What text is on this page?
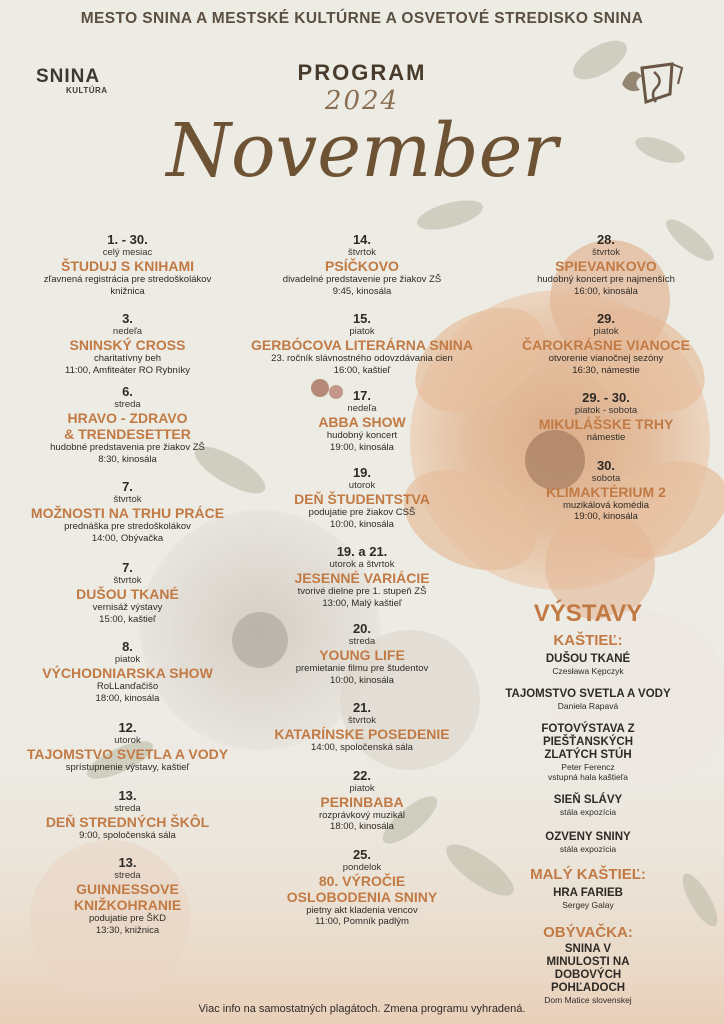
MESTO SNINA A MESTSKÉ KULTÚRNE A OSVETOVÉ STREDISKO SNINA
SNINA
KULTÚRA
PROGRAM
2024
November
1. - 30.
celý mesiac
ŠTUDUJ S KNIHAMI
zľavnená registrácia pre stredoškolákov
knižnica
3.
nedeľa
SNINSKÝ CROSS
charitatívny beh
11:00, Amfiteáter RO Rybníky
6.
streda
HRAVO - ZDRAVO
& TRENDESETTER
hudobné predstavenia pre žiakov ZŠ
8:30, kinosála
7.
štvrtok
MOŽNOSTI NA TRHU PRÁCE
prednáška pre stredoškolákov
14:00, Obývačka
7.
štvrtok
DUŠOU TKANÉ
vernisáž výstavy
15:00, kaštieľ
8.
piatok
VÝCHODNIARSKA SHOW
RoLLanďačišo
18:00, kinosála
12.
utorok
TAJOMSTVO SVETLA A VODY
sprístupnenie výstavy, kaštieľ
13.
streda
DEŇ STREDNÝCH ŠKÔL
9:00, spoločenská sála
13.
streda
GUINNESSOVE
KNIŽKOHRANIE
podujatie pre ŠKD
13:30, knižnica
14.
štvrtok
PSÍČKOVO
divadelné predstavenie pre žiakov ZŠ
9:45, kinosála
15.
piatok
GERBÓCOVA LITERÁRNA SNINA
23. ročník slávnostného odovzdávania cien
16:00, kaštieľ
17.
nedeľa
ABBA SHOW
hudobný koncert
19:00, kinosála
19.
utorok
DEŇ ŠTUDENTSTVA
podujatie pre žiakov CSŠ
10:00, kinosála
19. a 21.
utorok a štvrtok
JESENNÉ VARIÁCIE
tvorivé dielne pre 1. stupeň ZŠ
13:00, Malý kaštieľ
20.
streda
YOUNG LIFE
premietanie filmu pre študentov
10:00, kinosála
21.
štvrtok
KATARÍNSKE POSEDENIE
14:00, spoločenská sála
22.
piatok
PERINBABA
rozprávkový muzikál
18:00, kinosála
25.
pondelok
80. VÝROČIE
OSLOBODENIA SNINY
pietny akt kladenia vencov
11:00, Pomník padlým
28.
štvrtok
SPIEVANKOVO
hudobný koncert pre najmenších
16:00, kinosála
29.
piatok
ČAROKRÁSNE VIANOCE
otvorenie vianočnej sezóny
16:30, námestie
29. - 30.
piatok - sobota
MIKULÁŠSKE TRHY
námestie
30.
sobota
KLIMAKTÉRIUM 2
muzikálová komédia
19:00, kinosála
VÝSTAVY
KAŠTIEĽ:
DUŠOU TKANÉ
Czesława Kępczyk
TAJOMSTVO SVETLA A VODY
Daniela Rapavá
FOTOVÝSTAVA Z PIEŠŤANSKÝCH ZLATÝCH STÚH
Peter Ferencz vstupná hala kaštieľa
SIEŇ SLÁVY
stála expozícia
OZVENY SNINY
stála expozícia
MALÝ KAŠTIEĽ:
HRA FARIEB
Sergey Galay
OBÝVAČKA:
SNINA V MINULOSTI NA DOBOVÝCH POHĽADOCH
Dom Matice slovenskej
Viac info na samostatných plagátoch. Zmena programu vyhradená.
